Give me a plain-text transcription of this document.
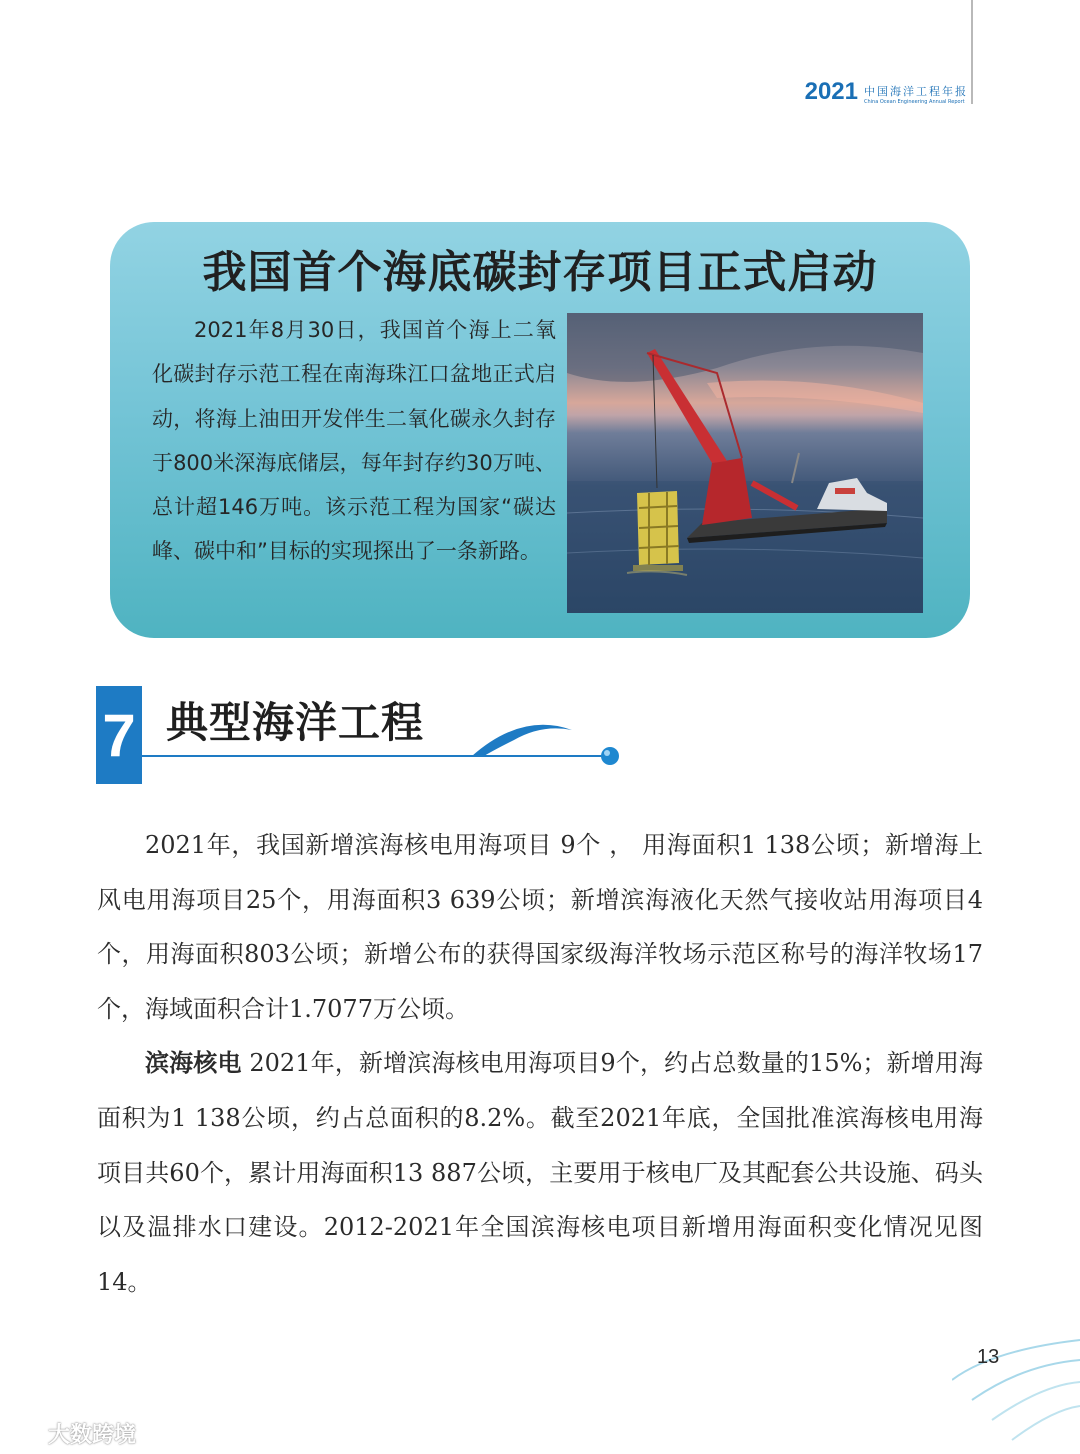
2021 中国海洋工程年报
China Ocean Engineering Annual Report
我国首个海底碳封存项目正式启动
2021年8月30日，我国首个海上二氧化碳封存示范工程在南海珠江口盆地正式启动，将海上油田开发伴生二氧化碳永久封存于800米深海底储层，每年封存约30万吨、总计超146万吨。该示范工程为国家“碳达峰、碳中和”目标的实现探出了一条新路。
7 典型海洋工程
2021年，我国新增滨海核电用海项目 9个 ， 用海面积1 138公顷；新增海上风电用海项目25个，用海面积3 639公顷；新增滨海液化天然气接收站用海项目4个，用海面积803公顷；新增公布的获得国家级海洋牧场示范区称号的海洋牧场17个，海域面积合计1.7077万公顷。
滨海核电 2021年，新增滨海核电用海项目9个，约占总数量的15%；新增用海面积为1 138公顷，约占总面积的8.2%。截至2021年底，全国批准滨海核电用海项目共60个，累计用海面积13 887公顷，主要用于核电厂及其配套公共设施、码头以及温排水口建设。2012-2021年全国滨海核电项目新增用海面积变化情况见图14。
13
大数跨境
